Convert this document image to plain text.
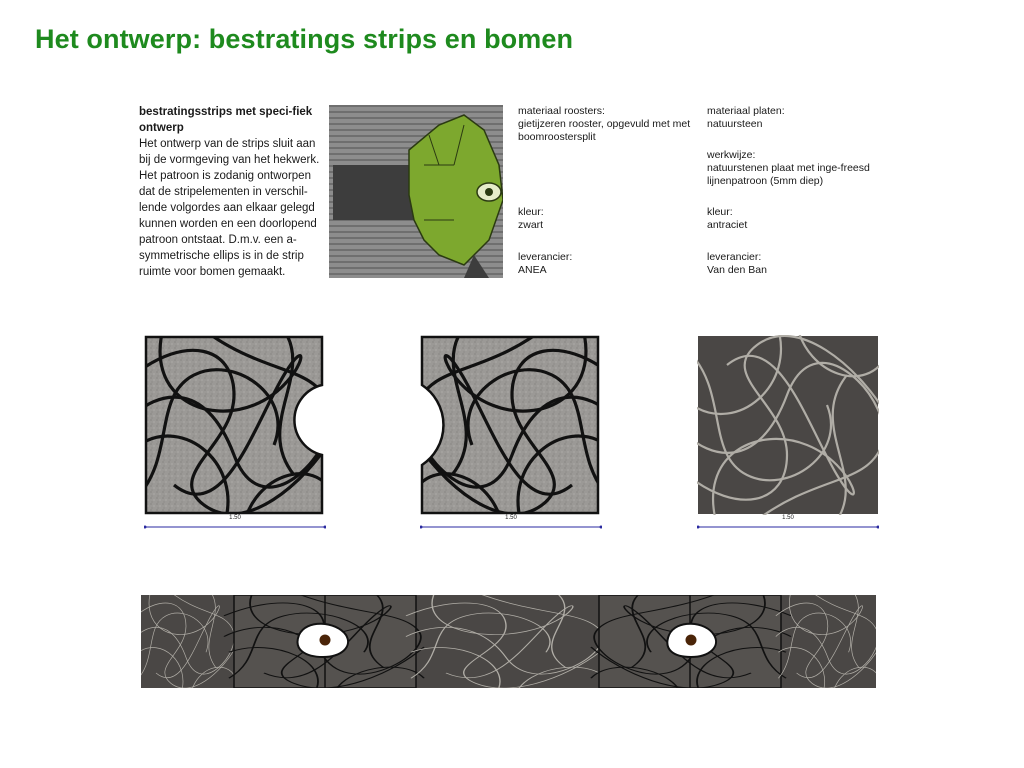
Het ontwerp: bestratings strips en bomen
bestratingsstrips met speci-fiek ontwerp
Het ontwerp van de strips sluit aan bij de vormgeving van het hekwerk. Het patroon is zodanig ontworpen dat de stripelementen in verschil-lende volgordes aan elkaar gelegd kunnen worden en een doorlopend patroon ontstaat. D.m.v. een a-symmetrische ellips is in de strip ruimte voor bomen gemaakt.
materiaal roosters:
gietijzeren rooster, opgevuld met met boomroostersplit
kleur:
zwart
leverancier:
ANEA
materiaal platen:
natuursteen
werkwijze:
natuurstenen plaat met inge-freesd lijnenpatroon (5mm diep)
kleur:
antraciet
leverancier:
Van den Ban
1.50	1.50	1.50
